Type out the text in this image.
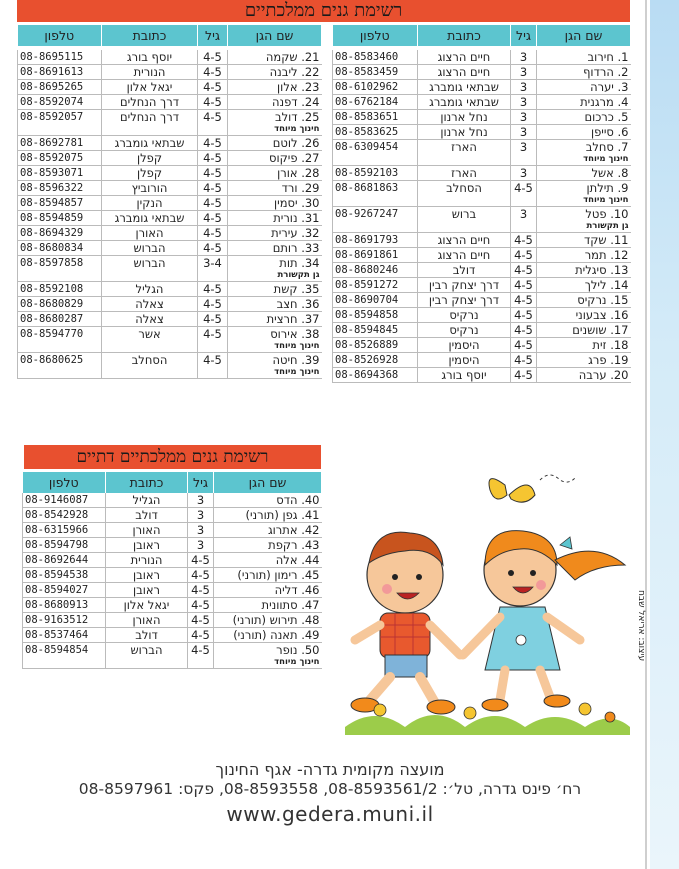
רשימת גנים ממלכתיים
שם הגן	גיל	כתובת	טלפון

1. חירוב	3	חיים הרצוג	08-8583460
2. הרדוף	3	חיים הרצוג	08-8583459
3. יערה	3	שבתאי גומברג	08-6102962
4. מרגנית	3	שבתאי גומברג	08-6762184
5. כרכום	3	נחל ארנון	08-8583651
6. סייפן	3	נחל ארנון	08-8583625
7. סחלב
חינוך מיוחד	3	הארז	08-6309454
8. אשל	3	הארז	08-8592103
9. תילתן
חינוך מיוחד	4-5	הסחלב	08-8681863
10. פטל
גן תקשורת	3	ברוש	08-9267247
11. שקד	4-5	חיים הרצוג	08-8691793
12. תמר	4-5	חיים הרצוג	08-8691861
13. סיגלית	4-5	דולב	08-8680246
14. לילך	4-5	דרך יצחק רבין	08-8591272
15. נרקיס	4-5	דרך יצחק רבין	08-8690704
16. צבעוני	4-5	נרקיס	08-8594858
17. שושנים	4-5	נרקיס	08-8594845
18. זית	4-5	היסמין	08-8526889
19. פרג	4-5	היסמין	08-8526928
20. ערבה	4-5	יוסף בורג	08-8694368
שם הגן	גיל	כתובת	טלפון

21. שקמה	4-5	יוסף בורג	08-8695115
22. ליבנה	4-5	הנורית	08-8691613
23. אלון	4-5	יגאל אלון	08-8695265
24. דפנה	4-5	דרך הנחלים	08-8592074
25. דולב
חינוך מיוחד	4-5	דרך הנחלים	08-8592057
26. לוטם	4-5	שבתאי גומברג	08-8692781
27. פיקוס	4-5	קפלן	08-8592075
28. אורן	4-5	קפלן	08-8593071
29. ורד	4-5	הורוביץ	08-8596322
30. יסמין	4-5	הנקין	08-8594857
31. נורית	4-5	שבתאי גומברג	08-8594859
32. עירית	4-5	האורן	08-8694329
33. רותם	4-5	הברוש	08-8680834
34. תות
גן תקשורת	3-4	הברוש	08-8597858
35. קשת	4-5	הגליל	08-8592108
36. חצב	4-5	צאלה	08-8680829
37. חרצית	4-5	צאלה	08-8680287
38. אירוס
חינוך מיוחד	4-5	אשר	08-8594770
39. חיטה
חינוך מיוחד	4-5	הסחלב	08-8680625
רשימת גנים ממלכתיים דתיים
שם הגן	גיל	כתובת	טלפון
40. הדס	3	הגליל	08-9146087
41. גפן (תורני)	3	דולב	08-8542928
42. אתרוג	3	האורן	08-6315966
43. רקפת	3	ראובן	08-8594798
44. אלה	4-5	הנורית	08-8692644
45. רימון (תורני)	4-5	ראובן	08-8594538
46. דליה	4-5	ראובן	08-8594027
47. סתוונית	4-5	יגאל אלון	08-8680913
48. תירוש (תורני)	4-5	האורן	08-9163512
49. תאנה (תורני)	4-5	דולב	08-8537464
50. נופר
חינוך מיוחד	4-5	הברוש	08-8594854	עיצוב: אריאל שבח
מועצה מקומית גדרה- אגף החינוך
רח׳ פינס גדרה, טל׳: 08-8593561/2, 08-8593558, פקס: 08-8597961
www.gedera.muni.il
